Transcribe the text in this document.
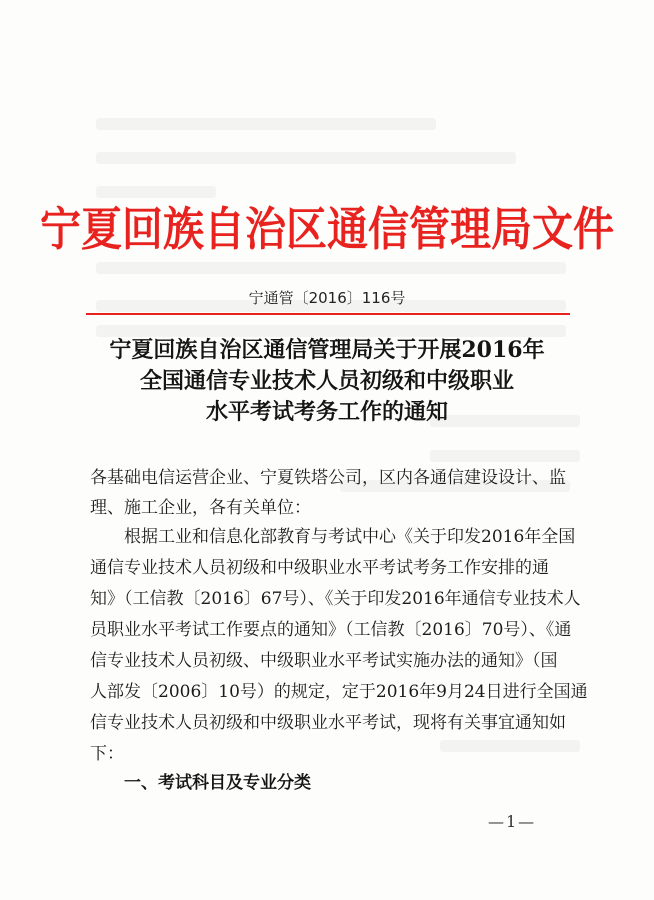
宁夏回族自治区通信管理局文件
宁通管〔2016〕116号
宁夏回族自治区通信管理局关于开展2016年
全国通信专业技术人员初级和中级职业
水平考试考务工作的通知
各基础电信运营企业、宁夏铁塔公司，区内各通信建设设计、监
理、施工企业，各有关单位：
根据工业和信息化部教育与考试中心《关于印发2016年全国
通信专业技术人员初级和中级职业水平考试考务工作安排的通
知》（工信教〔2016〕67号）、《关于印发2016年通信专业技术人
员职业水平考试工作要点的通知》（工信教〔2016〕70号）、《通
信专业技术人员初级、中级职业水平考试实施办法的通知》（国
人部发〔2006〕10号）的规定，定于2016年9月24日进行全国通
信专业技术人员初级和中级职业水平考试，现将有关事宜通知如
下：
一、考试科目及专业分类
—1—
